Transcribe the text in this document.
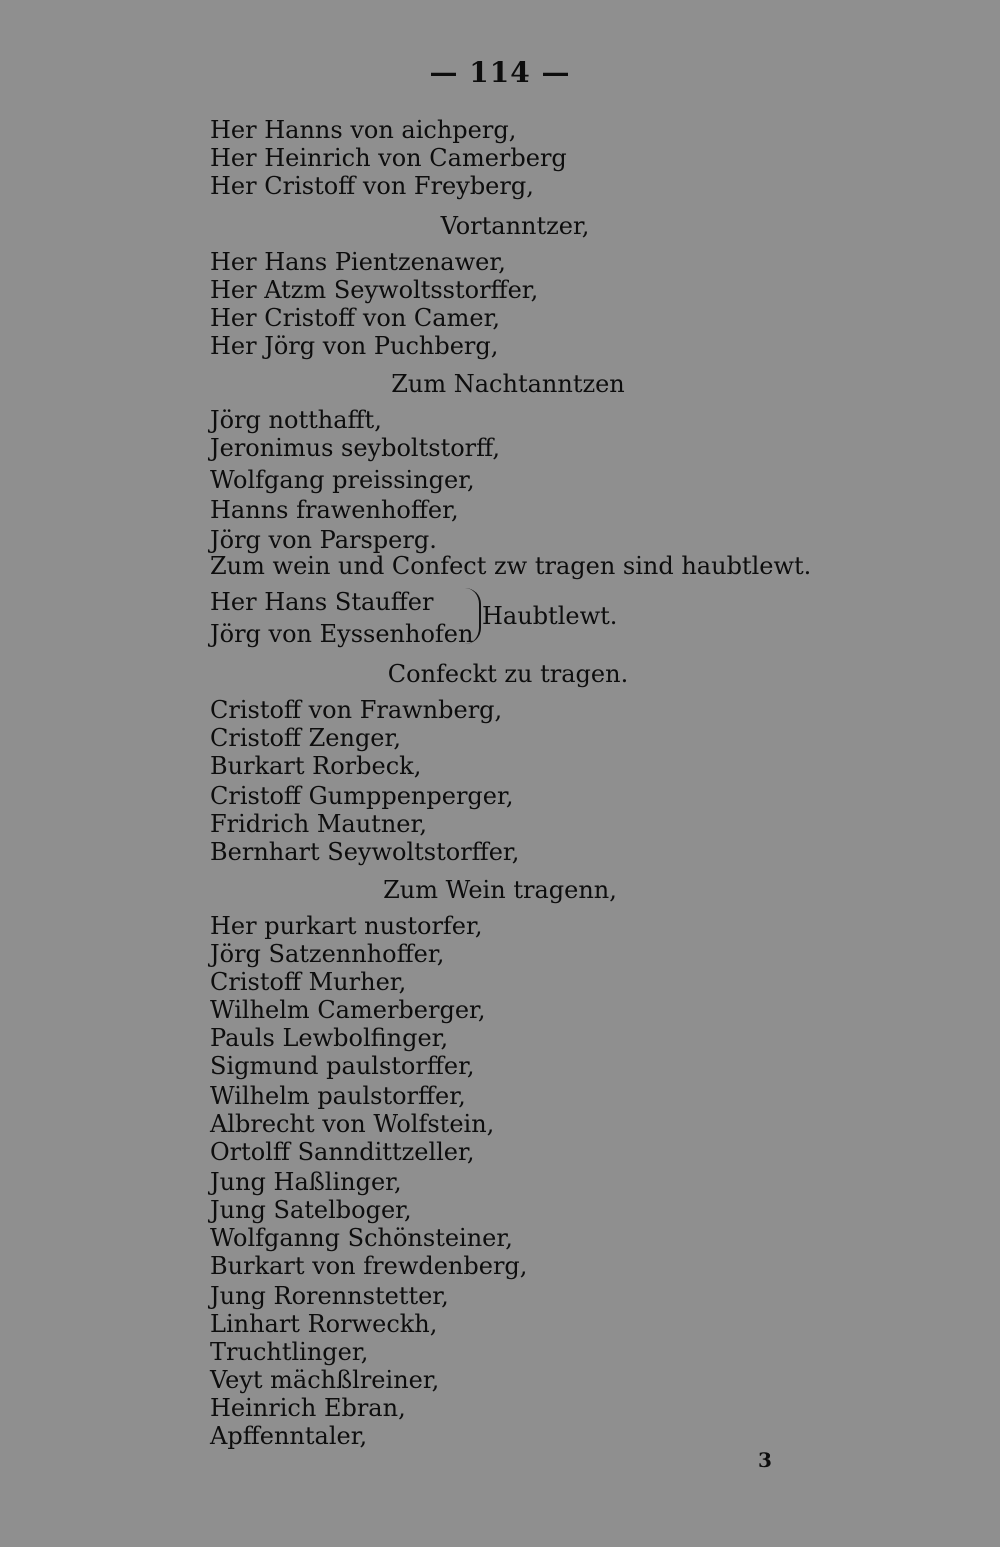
— 114 —
Her Hanns von aichperg,
Her Heinrich von Camerberg
Her Cristoff von Freyberg,
Vortanntzer,
Her Hans Pientzenawer,
Her Atzm Seywoltsstorffer,
Her Cristoff von Camer,
Her Jörg von Puchberg,
Zum Nachtanntzen
Jörg notthafft,
Jeronimus seyboltstorff,
Wolfgang preissinger,
Hanns frawenhoffer,
Jörg von Parsperg.
Zum wein und Confect zw tragen sind haubtlewt.
Her Hans Stauffer
Jörg von Eyssenhofen
Haubtlewt.
Confeckt zu tragen.
Cristoff von Frawnberg,
Cristoff Zenger,
Burkart Rorbeck,
Cristoff Gumppenperger,
Fridrich Mautner,
Bernhart Seywoltstorffer,
Zum Wein tragenn,
Her purkart nustorfer,
Jörg Satzennhoffer,
Cristoff Murher,
Wilhelm Camerberger,
Pauls Lewbolfinger,
Sigmund paulstorffer,
Wilhelm paulstorffer,
Albrecht von Wolfstein,
Ortolff Sanndittzeller,
Jung Haßlinger,
Jung Satelboger,
Wolfganng Schönsteiner,
Burkart von frewdenberg,
Jung Rorennstetter,
Linhart Rorweckh,
Truchtlinger,
Veyt mächßlreiner,
Heinrich Ebran,
Apffenntaler,
3
